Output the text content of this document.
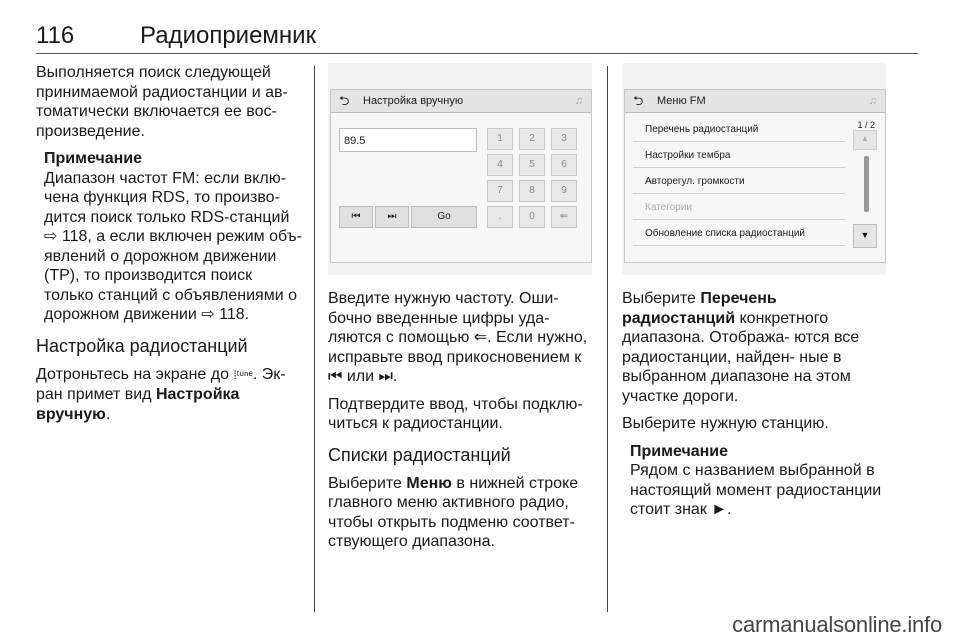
116	Радиоприемник

Выполняется поиск следующей принимаемой радиостанции и ав- томатически включается ее вос- произведение.

Примечание
Диапазон частот FM: если вклю- чена функция RDS, то произво- дится поиск только RDS-станций ⇨ 118, а если включен режим объ- явлений о дорожном движении (TP), то производится поиск только станций с объявлениями о дорожном движении ⇨ 118.
Настройка радиостанций

Дотроньтесь на экране до ⁞ᵗᵘⁿᵉ. Эк- ран примет вид Настройка вручную.

⮌ Настройка вручную	♫
89.5	1	2	3
4	5	6
7	8	9
.	0	⇐
⏮	⏭	Go

Введите нужную частоту. Оши- бочно введенные цифры уда- ляются с помощью ⇐. Если нужно, исправьте ввод прикосновением к ⏮ или ⏭.

Подтвердите ввод, чтобы подклю- читься к радиостанции.

Списки радиостанций

Выберите Меню в нижней строке главного меню активного радио, чтобы открыть подменю соответ- ствующего диапазона.

⮌ Меню FM	♫
Перечень радиостанций
Настройки тембра
Авторегул. громкости
Категории
Обновление списка радиостанций
1 / 2
▲
▼

Выберите Перечень радиостанций конкретного диапазона. Отобража- ются все радиостанции, найден- ные в выбранном диапазоне на этом участке дороги.

Выберите нужную станцию.

Примечание
Рядом с названием выбранной в настоящий момент радиостанции стоит знак ►.
carmanualsonline.info
